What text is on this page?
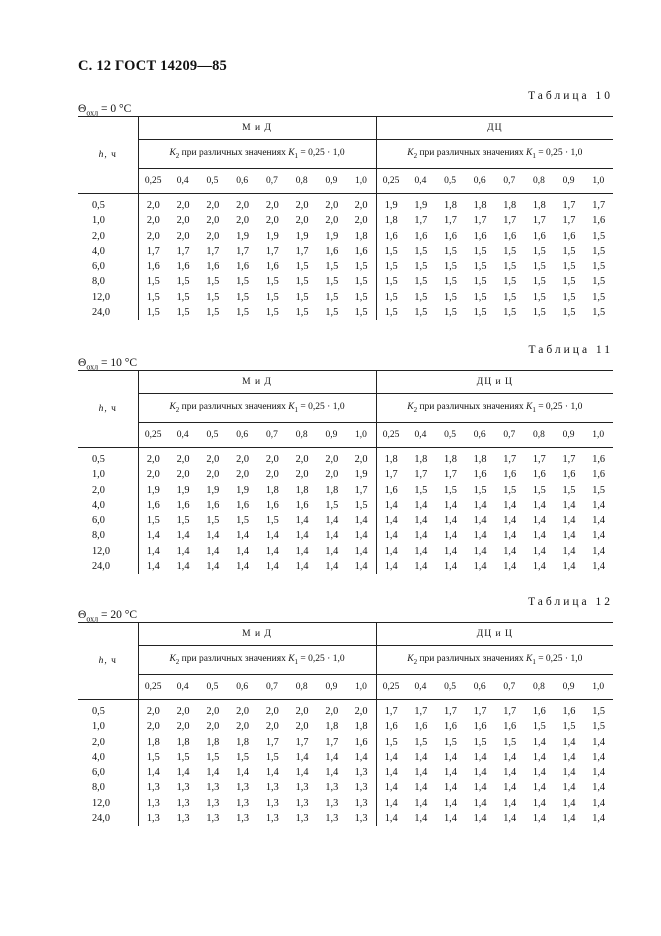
С. 12 ГОСТ 14209—85
Таблица 10
$\Theta_{охл} = 0$ °С
h, ч	М и Д								ДЦ							
	$K_2$ при различных значениях $K_1 = 0,25 \cdot 1,0$								$K_2$ при различных значениях $K_1 = 0,25 \cdot 1,0$							
	0,25	0,4	0,5	0,6	0,7	0,8	0,9	1,0	0,25	0,4	0,5	0,6	0,7	0,8	0,9	1,0
0,5	2,0	2,0	2,0	2,0	2,0	2,0	2,0	2,0	1,9	1,9	1,8	1,8	1,8	1,8	1,7	1,7
1,0	2,0	2,0	2,0	2,0	2,0	2,0	2,0	2,0	1,8	1,7	1,7	1,7	1,7	1,7	1,7	1,6
2,0	2,0	2,0	2,0	1,9	1,9	1,9	1,9	1,8	1,6	1,6	1,6	1,6	1,6	1,6	1,6	1,5
4,0	1,7	1,7	1,7	1,7	1,7	1,7	1,6	1,6	1,5	1,5	1,5	1,5	1,5	1,5	1,5	1,5
6,0	1,6	1,6	1,6	1,6	1,6	1,5	1,5	1,5	1,5	1,5	1,5	1,5	1,5	1,5	1,5	1,5
8,0	1,5	1,5	1,5	1,5	1,5	1,5	1,5	1,5	1,5	1,5	1,5	1,5	1,5	1,5	1,5	1,5
12,0	1,5	1,5	1,5	1,5	1,5	1,5	1,5	1,5	1,5	1,5	1,5	1,5	1,5	1,5	1,5	1,5
24,0	1,5	1,5	1,5	1,5	1,5	1,5	1,5	1,5	1,5	1,5	1,5	1,5	1,5	1,5	1,5	1,5
Таблица 11
$\Theta_{охл} = 10$ °С
h, ч	М и Д								ДЦ и Ц							
	$K_2$ при различных значениях $K_1 = 0,25 \cdot 1,0$								$K_2$ при различных значениях $K_1 = 0,25 \cdot 1,0$							
	0,25	0,4	0,5	0,6	0,7	0,8	0,9	1,0	0,25	0,4	0,5	0,6	0,7	0,8	0,9	1,0
0,5	2,0	2,0	2,0	2,0	2,0	2,0	2,0	2,0	1,8	1,8	1,8	1,8	1,7	1,7	1,7	1,6
1,0	2,0	2,0	2,0	2,0	2,0	2,0	2,0	1,9	1,7	1,7	1,7	1,6	1,6	1,6	1,6	1,6
2,0	1,9	1,9	1,9	1,9	1,8	1,8	1,8	1,7	1,6	1,5	1,5	1,5	1,5	1,5	1,5	1,5
4,0	1,6	1,6	1,6	1,6	1,6	1,6	1,5	1,5	1,4	1,4	1,4	1,4	1,4	1,4	1,4	1,4
6,0	1,5	1,5	1,5	1,5	1,5	1,4	1,4	1,4	1,4	1,4	1,4	1,4	1,4	1,4	1,4	1,4
8,0	1,4	1,4	1,4	1,4	1,4	1,4	1,4	1,4	1,4	1,4	1,4	1,4	1,4	1,4	1,4	1,4
12,0	1,4	1,4	1,4	1,4	1,4	1,4	1,4	1,4	1,4	1,4	1,4	1,4	1,4	1,4	1,4	1,4
24,0	1,4	1,4	1,4	1,4	1,4	1,4	1,4	1,4	1,4	1,4	1,4	1,4	1,4	1,4	1,4	1,4
Таблица 12
$\Theta_{охл} = 20$ °С
h, ч	М и Д								ДЦ и Ц							
	$K_2$ при различных значениях $K_1 = 0,25 \cdot 1,0$								$K_2$ при различных значениях $K_1 = 0,25 \cdot 1,0$							
	0,25	0,4	0,5	0,6	0,7	0,8	0,9	1,0	0,25	0,4	0,5	0,6	0,7	0,8	0,9	1,0
0,5	2,0	2,0	2,0	2,0	2,0	2,0	2,0	2,0	1,7	1,7	1,7	1,7	1,7	1,6	1,6	1,5
1,0	2,0	2,0	2,0	2,0	2,0	2,0	1,8	1,8	1,6	1,6	1,6	1,6	1,6	1,5	1,5	1,5
2,0	1,8	1,8	1,8	1,8	1,7	1,7	1,7	1,6	1,5	1,5	1,5	1,5	1,5	1,4	1,4	1,4
4,0	1,5	1,5	1,5	1,5	1,5	1,4	1,4	1,4	1,4	1,4	1,4	1,4	1,4	1,4	1,4	1,4
6,0	1,4	1,4	1,4	1,4	1,4	1,4	1,4	1,3	1,4	1,4	1,4	1,4	1,4	1,4	1,4	1,4
8,0	1,3	1,3	1,3	1,3	1,3	1,3	1,3	1,3	1,4	1,4	1,4	1,4	1,4	1,4	1,4	1,4
12,0	1,3	1,3	1,3	1,3	1,3	1,3	1,3	1,3	1,4	1,4	1,4	1,4	1,4	1,4	1,4	1,4
24,0	1,3	1,3	1,3	1,3	1,3	1,3	1,3	1,3	1,4	1,4	1,4	1,4	1,4	1,4	1,4	1,4
